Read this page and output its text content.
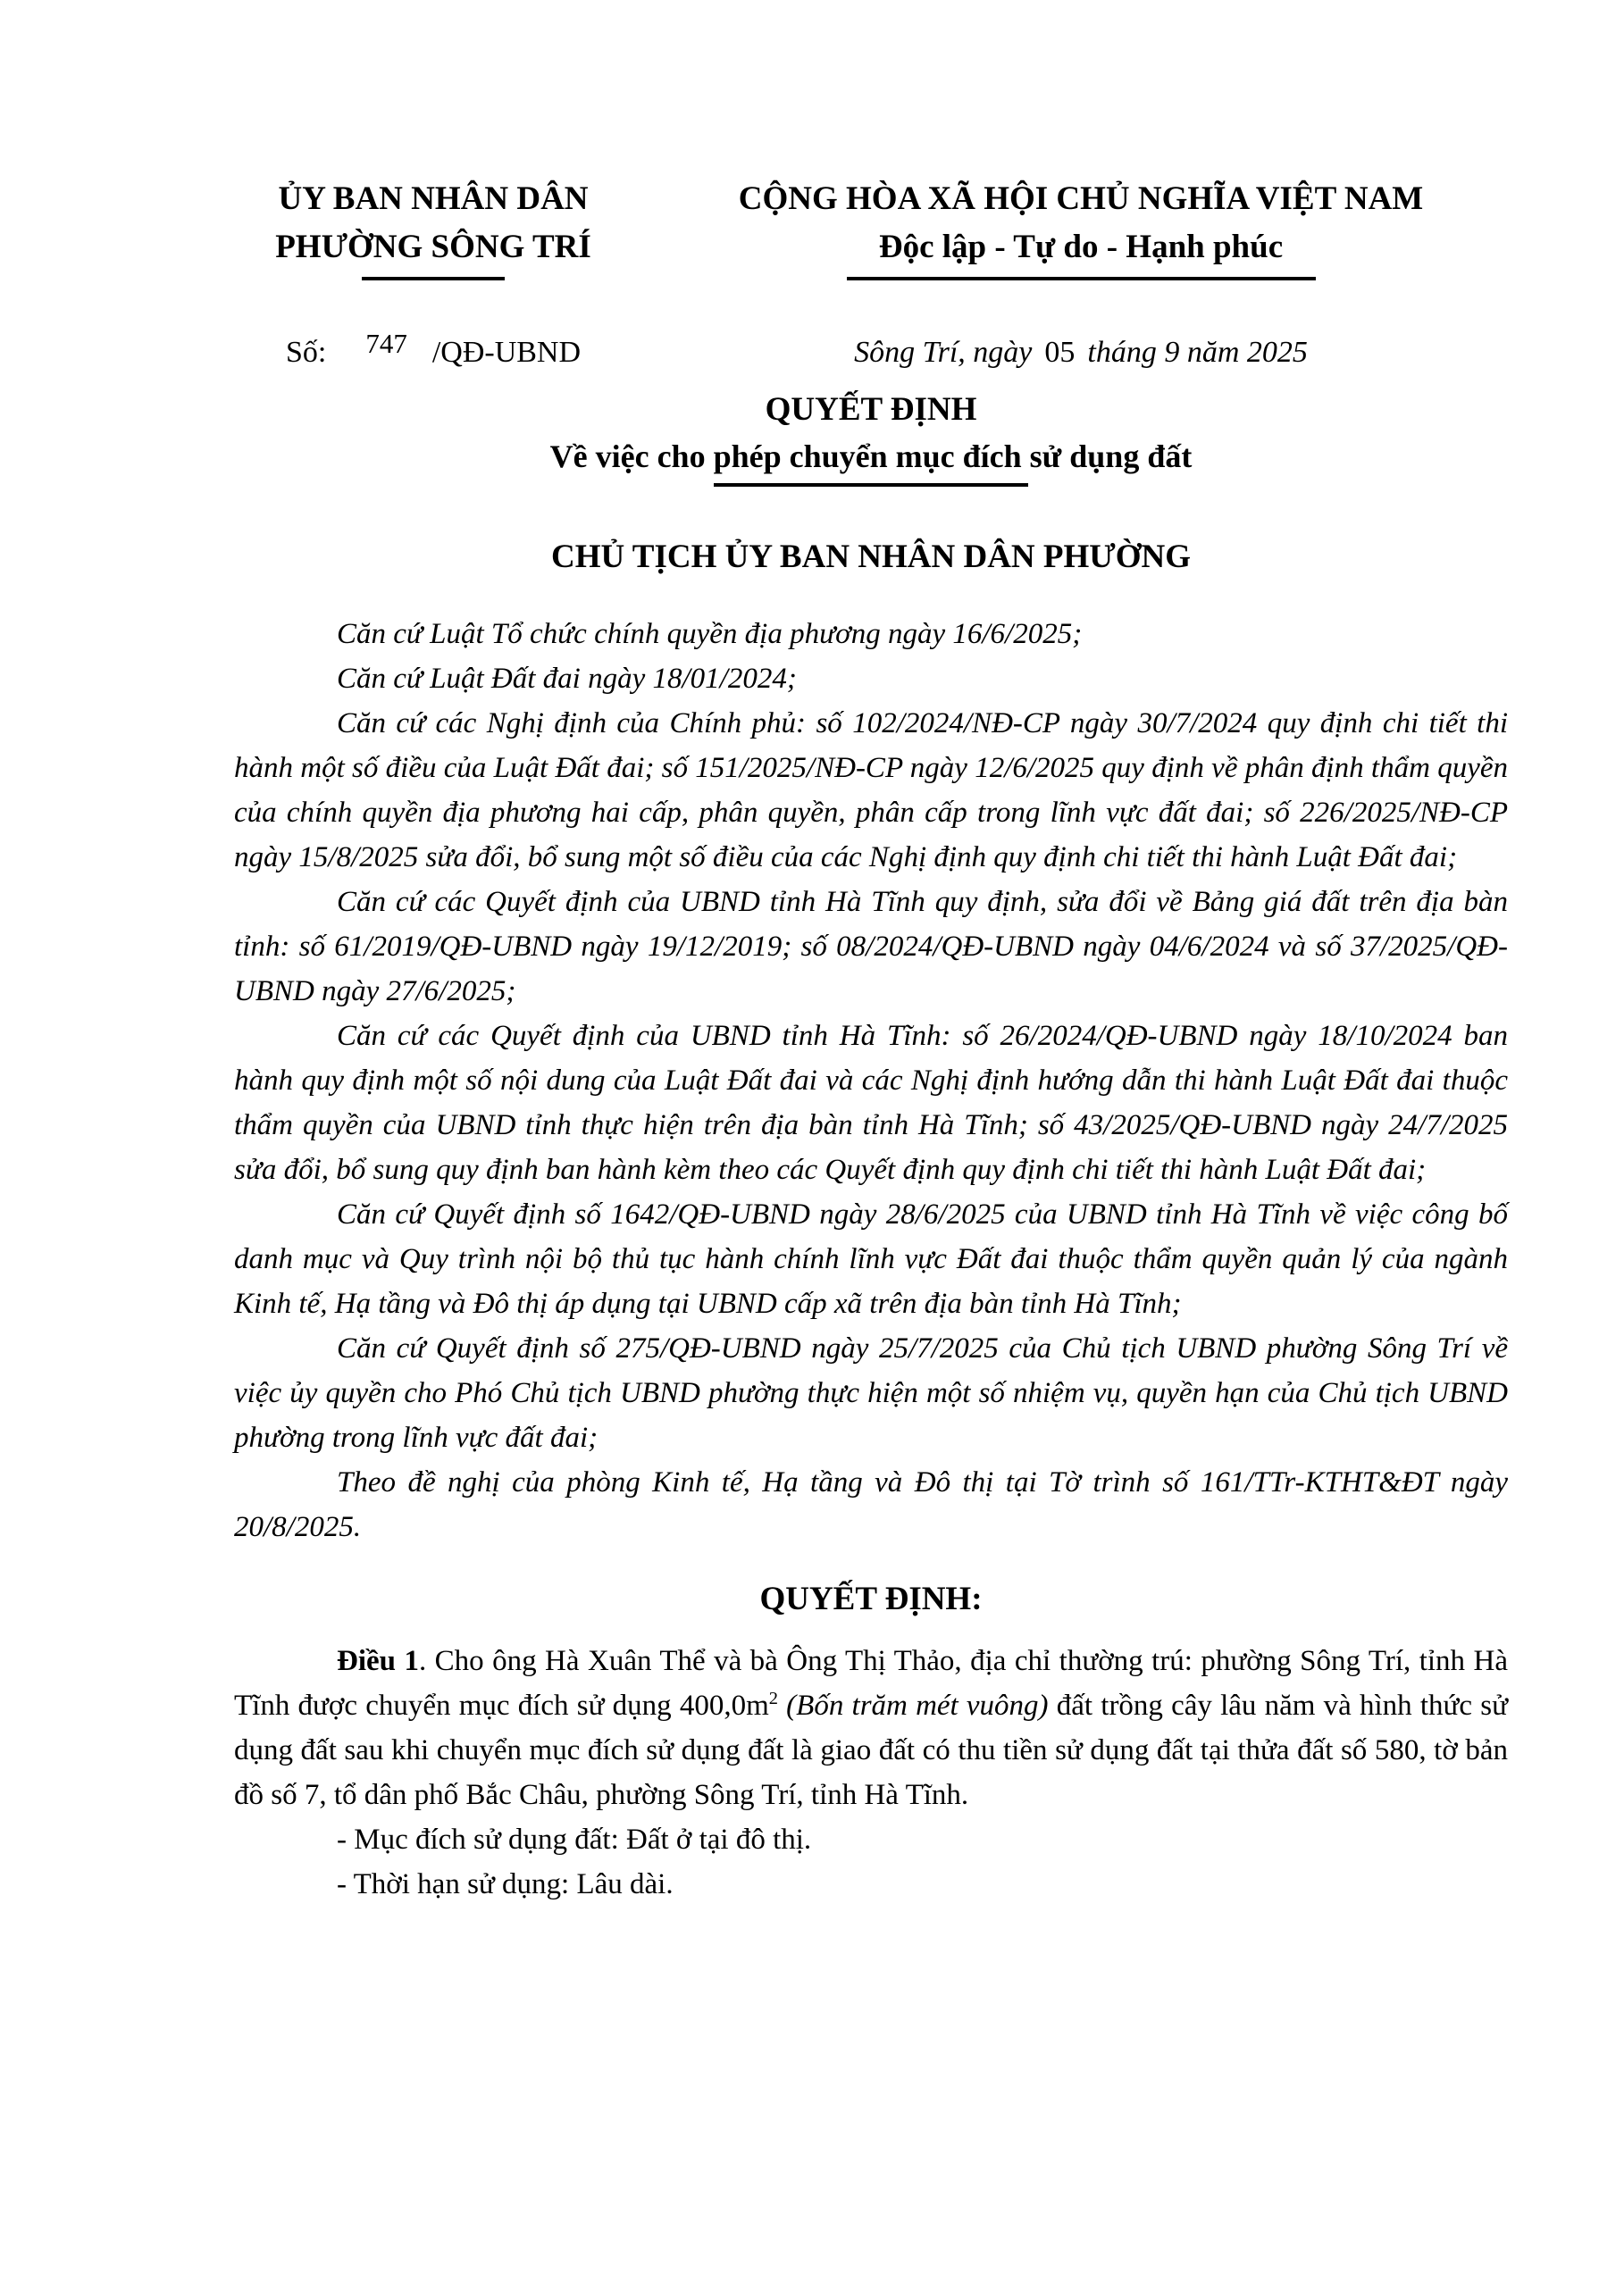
ỦY BAN NHÂN DÂN
PHƯỜNG SÔNG TRÍ
CỘNG HÒA XÃ HỘI CHỦ NGHĨA VIỆT NAM
Độc lập - Tự do - Hạnh phúc
Số: 747 /QĐ-UBND	Sông Trí, ngày 05 tháng 9 năm 2025
QUYẾT ĐỊNH
Về việc cho phép chuyển mục đích sử dụng đất
CHỦ TỊCH ỦY BAN NHÂN DÂN PHƯỜNG

Căn cứ Luật Tổ chức chính quyền địa phương ngày 16/6/2025;

Căn cứ Luật Đất đai ngày 18/01/2024;

Căn cứ các Nghị định của Chính phủ: số 102/2024/NĐ-CP ngày 30/7/2024 quy định chi tiết thi hành một số điều của Luật Đất đai; số 151/2025/NĐ-CP ngày 12/6/2025 quy định về phân định thẩm quyền của chính quyền địa phương hai cấp, phân quyền, phân cấp trong lĩnh vực đất đai; số 226/2025/NĐ-CP ngày 15/8/2025 sửa đổi, bổ sung một số điều của các Nghị định quy định chi tiết thi hành Luật Đất đai;

Căn cứ các Quyết định của UBND tỉnh Hà Tĩnh quy định, sửa đổi về Bảng giá đất trên địa bàn tỉnh: số 61/2019/QĐ-UBND ngày 19/12/2019; số 08/2024/QĐ-UBND ngày 04/6/2024 và số 37/2025/QĐ-UBND ngày 27/6/2025;

Căn cứ các Quyết định của UBND tỉnh Hà Tĩnh: số 26/2024/QĐ-UBND ngày 18/10/2024 ban hành quy định một số nội dung của Luật Đất đai và các Nghị định hướng dẫn thi hành Luật Đất đai thuộc thẩm quyền của UBND tỉnh thực hiện trên địa bàn tỉnh Hà Tĩnh; số 43/2025/QĐ-UBND ngày 24/7/2025 sửa đổi, bổ sung quy định ban hành kèm theo các Quyết định quy định chi tiết thi hành Luật Đất đai;

Căn cứ Quyết định số 1642/QĐ-UBND ngày 28/6/2025 của UBND tỉnh Hà Tĩnh về việc công bố danh mục và Quy trình nội bộ thủ tục hành chính lĩnh vực Đất đai thuộc thẩm quyền quản lý của ngành Kinh tế, Hạ tầng và Đô thị áp dụng tại UBND cấp xã trên địa bàn tỉnh Hà Tĩnh;

Căn cứ Quyết định số 275/QĐ-UBND ngày 25/7/2025 của Chủ tịch UBND phường Sông Trí về việc ủy quyền cho Phó Chủ tịch UBND phường thực hiện một số nhiệm vụ, quyền hạn của Chủ tịch UBND phường trong lĩnh vực đất đai;

Theo đề nghị của phòng Kinh tế, Hạ tầng và Đô thị tại Tờ trình số 161/TTr-KTHT&ĐT ngày 20/8/2025.

QUYẾT ĐỊNH:

Điều 1. Cho ông Hà Xuân Thể và bà Ông Thị Thảo, địa chỉ thường trú: phường Sông Trí, tỉnh Hà Tĩnh được chuyển mục đích sử dụng $400,0m^2$ (Bốn trăm mét vuông) đất trồng cây lâu năm và hình thức sử dụng đất sau khi chuyển mục đích sử dụng đất là giao đất có thu tiền sử dụng đất tại thửa đất số 580, tờ bản đồ số 7, tổ dân phố Bắc Châu, phường Sông Trí, tỉnh Hà Tĩnh.

- Mục đích sử dụng đất: Đất ở tại đô thị.

- Thời hạn sử dụng: Lâu dài.
